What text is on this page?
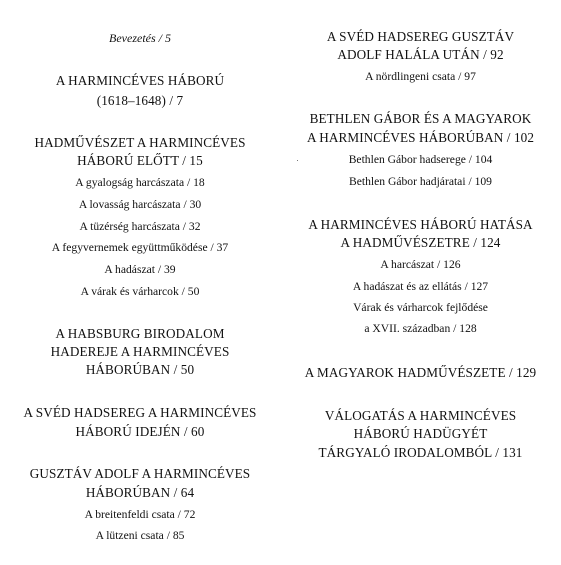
Bevezetés / 5
A HARMINCÉVES HÁBORÚ
(1618–1648) / 7
HADMŰVÉSZET A HARMINCÉVES
HÁBORÚ ELŐTT / 15
A gyalogság harcászata / 18
A lovasság harcászata / 30
A tüzérség harcászata / 32
A fegyvernemek együttműködése / 37
A hadászat / 39
A várak és várharcok / 50
A HABSBURG BIRODALOM
HADEREJE A HARMINCÉVES
HÁBORÚBAN / 50
A SVÉD HADSEREG A HARMINCÉVES
HÁBORÚ IDEJÉN / 60
GUSZTÁV ADOLF A HARMINCÉVES
HÁBORÚBAN / 64
A breitenfeldi csata / 72
A lützeni csata / 85
A SVÉD HADSEREG GUSZTÁV
ADOLF HALÁLA UTÁN / 92
A nördlingeni csata / 97
BETHLEN GÁBOR ÉS A MAGYAROK
A HARMINCÉVES HÁBORÚBAN / 102
Bethlen Gábor hadserege / 104
Bethlen Gábor hadjáratai / 109
A HARMINCÉVES HÁBORÚ HATÁSA
A HADMŰVÉSZETRE / 124
A harcászat / 126
A hadászat és az ellátás / 127
Várak és várharcok fejlődése
a XVII. században / 128
A MAGYAROK HADMŰVÉSZETE / 129
VÁLOGATÁS A HARMINCÉVES
HÁBORÚ HADÜGYÉT
TÁRGYALÓ IRODALOMBÓL / 131
